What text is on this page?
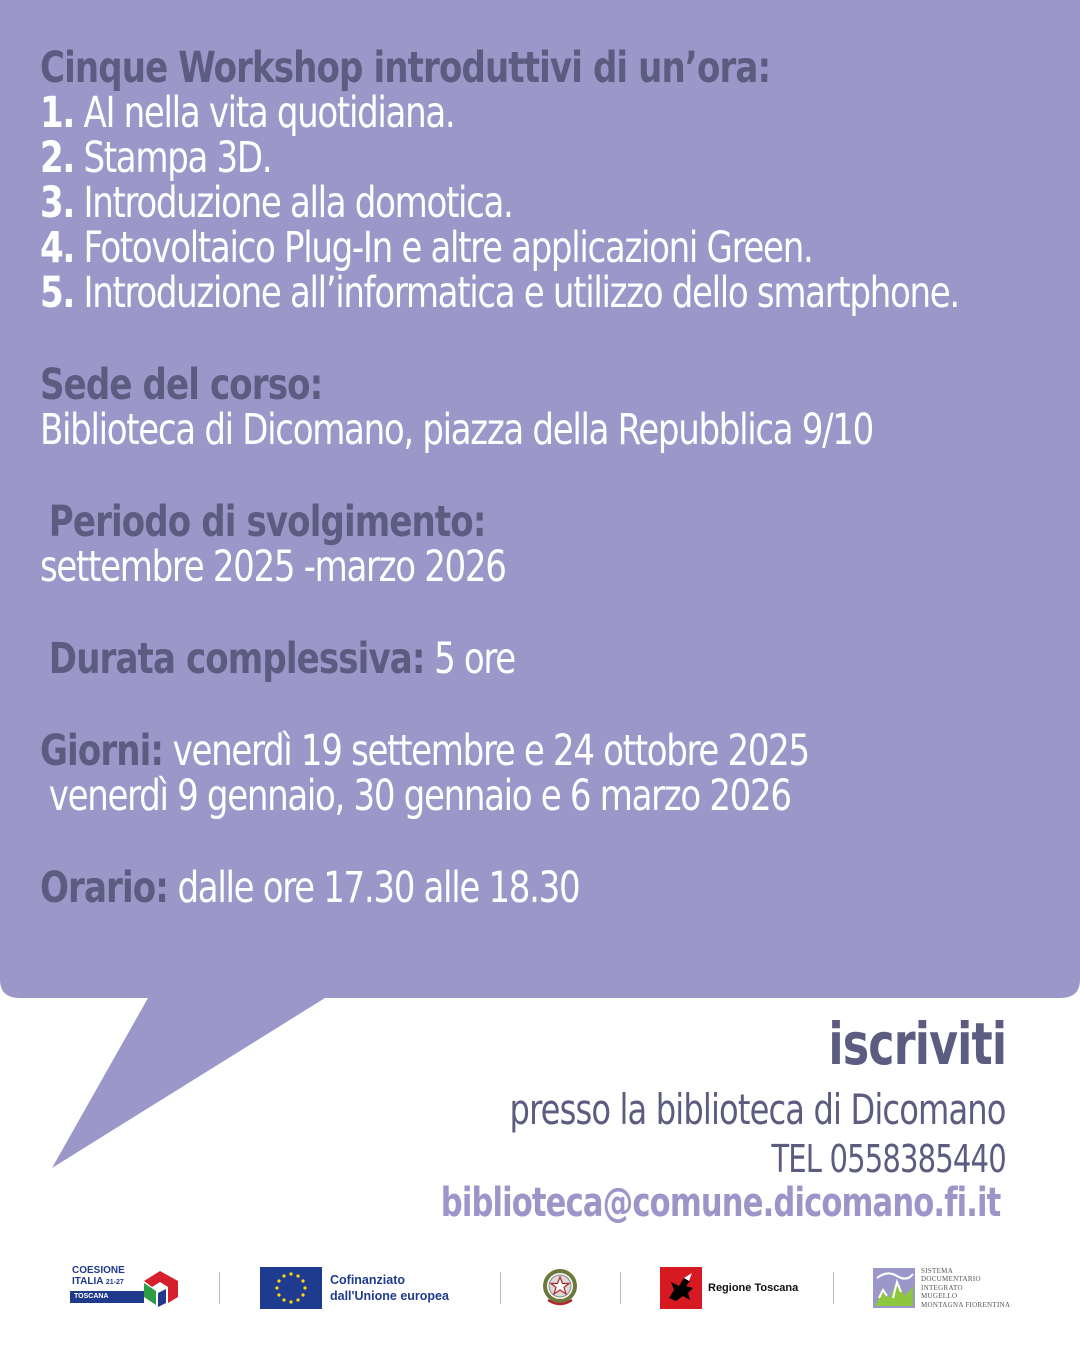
Cinque Workshop introduttivi di un’ora:
1. AI nella vita quotidiana.
2. Stampa 3D.
3. Introduzione alla domotica.
4. Fotovoltaico Plug-In e altre applicazioni Green.
5. Introduzione all’informatica e utilizzo dello smartphone.
Sede del corso:
Biblioteca di Dicomano, piazza della Repubblica 9/10
Periodo di svolgimento:
settembre 2025 -marzo 2026
Durata complessiva: 5 ore
Giorni: venerdì 19 settembre e 24 ottobre 2025
venerdì 9 gennaio, 30 gennaio e 6 marzo 2026
Orario: dalle ore 17.30 alle 18.30
iscriviti
presso la biblioteca di Dicomano
TEL 0558385440
biblioteca@comune.dicomano.fi.it
COESIONE
ITALIA 21-27
TOSCANA
Cofinanziato
dall'Unione europea
Regione Toscana
SISTEMA
DOCUMENTARIO
INTEGRATO
MUGELLO
MONTAGNA FIORENTINA
